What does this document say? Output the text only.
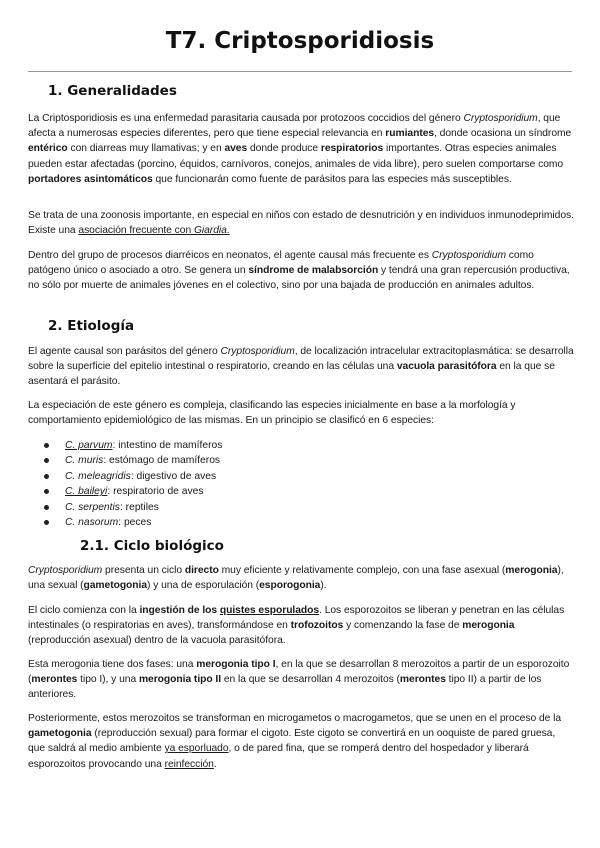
T7. Criptosporidiosis
1. Generalidades

La Criptosporidiosis es una enfermedad parasitaria causada por protozoos coccidios del género Cryptosporidium, que afecta a numerosas especies diferentes, pero que tiene especial relevancia en rumiantes, donde ocasiona un síndrome entérico con diarreas muy llamativas; y en aves donde produce respiratorios importantes. Otras especies animales pueden estar afectadas (porcino, équidos, carnívoros, conejos, animales de vida libre), pero suelen comportarse como portadores asintomáticos que funcionarán como fuente de parásitos para las especies más susceptibles.

Se trata de una zoonosis importante, en especial en niños con estado de desnutrición y en individuos inmunodeprimidos. Existe una asociación frecuente con Giardia.

Dentro del grupo de procesos diarréicos en neonatos, el agente causal más frecuente es Cryptosporidium como patógeno único o asociado a otro. Se genera un síndrome de malabsorción y tendrá una gran repercusión productiva, no sólo por muerte de animales jóvenes en el colectivo, sino por una bajada de producción en animales adultos.

2. Etiología

El agente causal son parásitos del género Cryptosporidium, de localización intracelular extracitoplasmática: se desarrolla sobre la superficie del epitelio intestinal o respiratorio, creando en las células una vacuola parasitófora en la que se asentará el parásito.

La especiación de este género es compleja, clasificando las especies inicialmente en base a la morfología y comportamiento epidemiológico de las mismas. En un principio se clasificó en 6 especies:

C. parvum: intestino de mamíferos
C. muris: estómago de mamíferos
C. meleagridis: digestivo de aves
C. baileyi: respiratorio de aves
C. serpentis: reptiles
C. nasorum: peces
2.1. Ciclo biológico

Cryptosporidium presenta un ciclo directo muy eficiente y relativamente complejo, con una fase asexual (merogonia), una sexual (gametogonia) y una de esporulación (esporogonia).

El ciclo comienza con la ingestión de los quistes esporulados. Los esporozoitos se liberan y penetran en las células intestinales (o respiratorias en aves), transformándose en trofozoitos y comenzando la fase de merogonia (reproducción asexual) dentro de la vacuola parasitófora.

Esta merogonia tiene dos fases: una merogonia tipo I, en la que se desarrollan 8 merozoitos a partir de un esporozoito (merontes tipo I), y una merogonia tipo II en la que se desarrollan 4 merozoitos (merontes tipo II) a partir de los anteriores.

Posteriormente, estos merozoitos se transforman en microgametos o macrogametos, que se unen en el proceso de la gametogonia (reproducción sexual) para formar el cigoto. Este cigoto se convertirá en un ooquiste de pared gruesa, que saldrá al medio ambiente ya esporluado, o de pared fina, que se romperá dentro del hospedador y liberará esporozoitos provocando una reinfección.
